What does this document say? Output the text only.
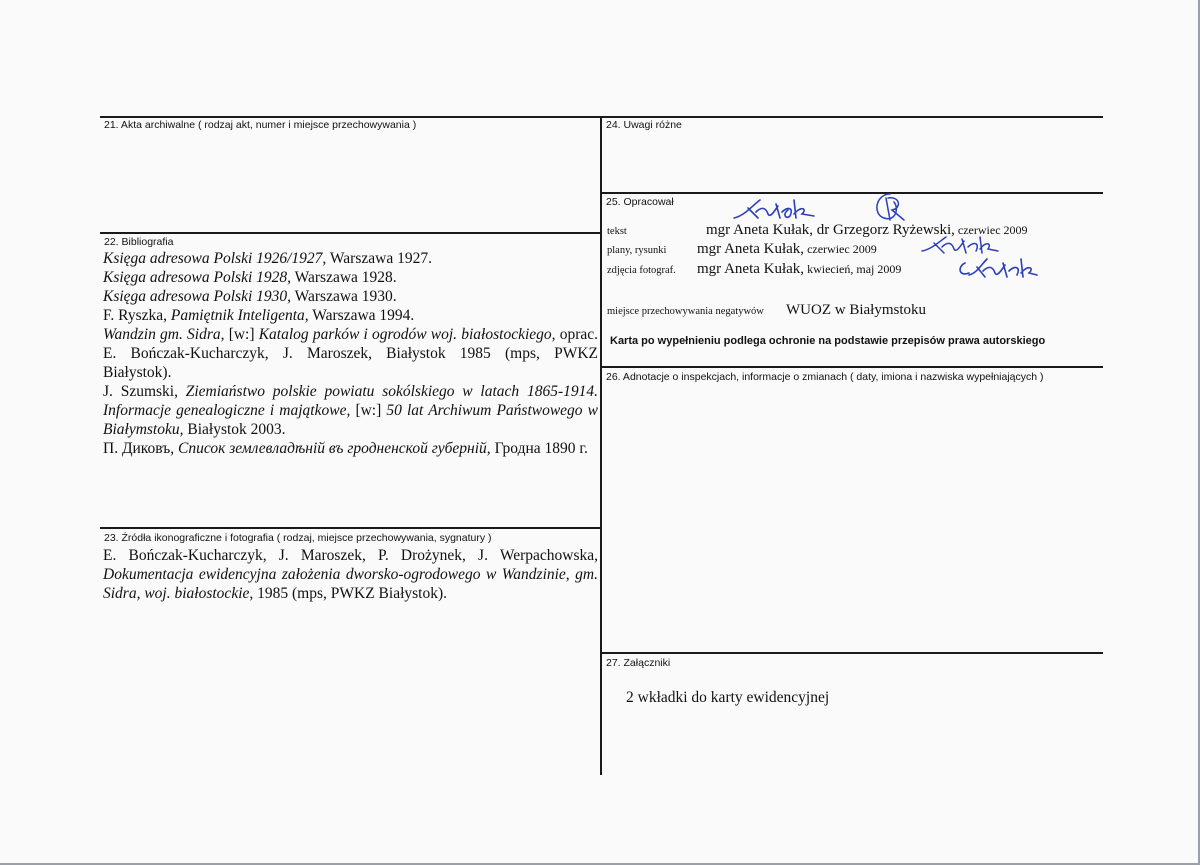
21. Akta archiwalne ( rodzaj akt, numer i miejsce przechowywania )
22. Bibliografia
Księga adresowa Polski 1926/1927, Warszawa 1927.
Księga adresowa Polski 1928, Warszawa 1928.
Księga adresowa Polski 1930, Warszawa 1930.
F. Ryszka, Pamiętnik Inteligenta, Warszawa 1994.
Wandzin gm. Sidra, [w:] Katalog parków i ogrodów woj. białostockiego, oprac. E. Bończak-Kucharczyk, J. Maroszek, Białystok 1985 (mps, PWKZ Białystok).
J. Szumski, Ziemiaństwo polskie powiatu sokólskiego w latach 1865-1914. Informacje genealogiczne i majątkowe, [w:] 50 lat Archiwum Państwowego w Białymstoku, Białystok 2003.
П. Диковъ, Список землевладѣній въ гродненской губерній, Гродна 1890 г.
23. Źródła ikonograficzne i fotografia ( rodzaj, miejsce przechowywania, sygnatury )
E. Bończak-Kucharczyk, J. Maroszek, P. Drożynek, J. Werpachowska, Dokumentacja ewidencyjna założenia dworsko-ogrodowego w Wandzinie, gm. Sidra, woj. białostockie, 1985 (mps, PWKZ Białystok).
24. Uwagi różne
25. Opracował
tekst	mgr Aneta Kułak, dr Grzegorz Ryżewski, czerwiec 2009
plany, rysunki mgr Aneta Kułak, czerwiec 2009
zdjęcia fotograf. mgr Aneta Kułak, kwiecień, maj 2009
miejsce przechowywania negatywów WUOZ w Białymstoku
Karta po wypełnieniu podlega ochronie na podstawie przepisów prawa autorskiego
26. Adnotacje o inspekcjach, informacje o zmianach ( daty, imiona i nazwiska wypełniających )
27. Załączniki
2 wkładki do karty ewidencyjnej
